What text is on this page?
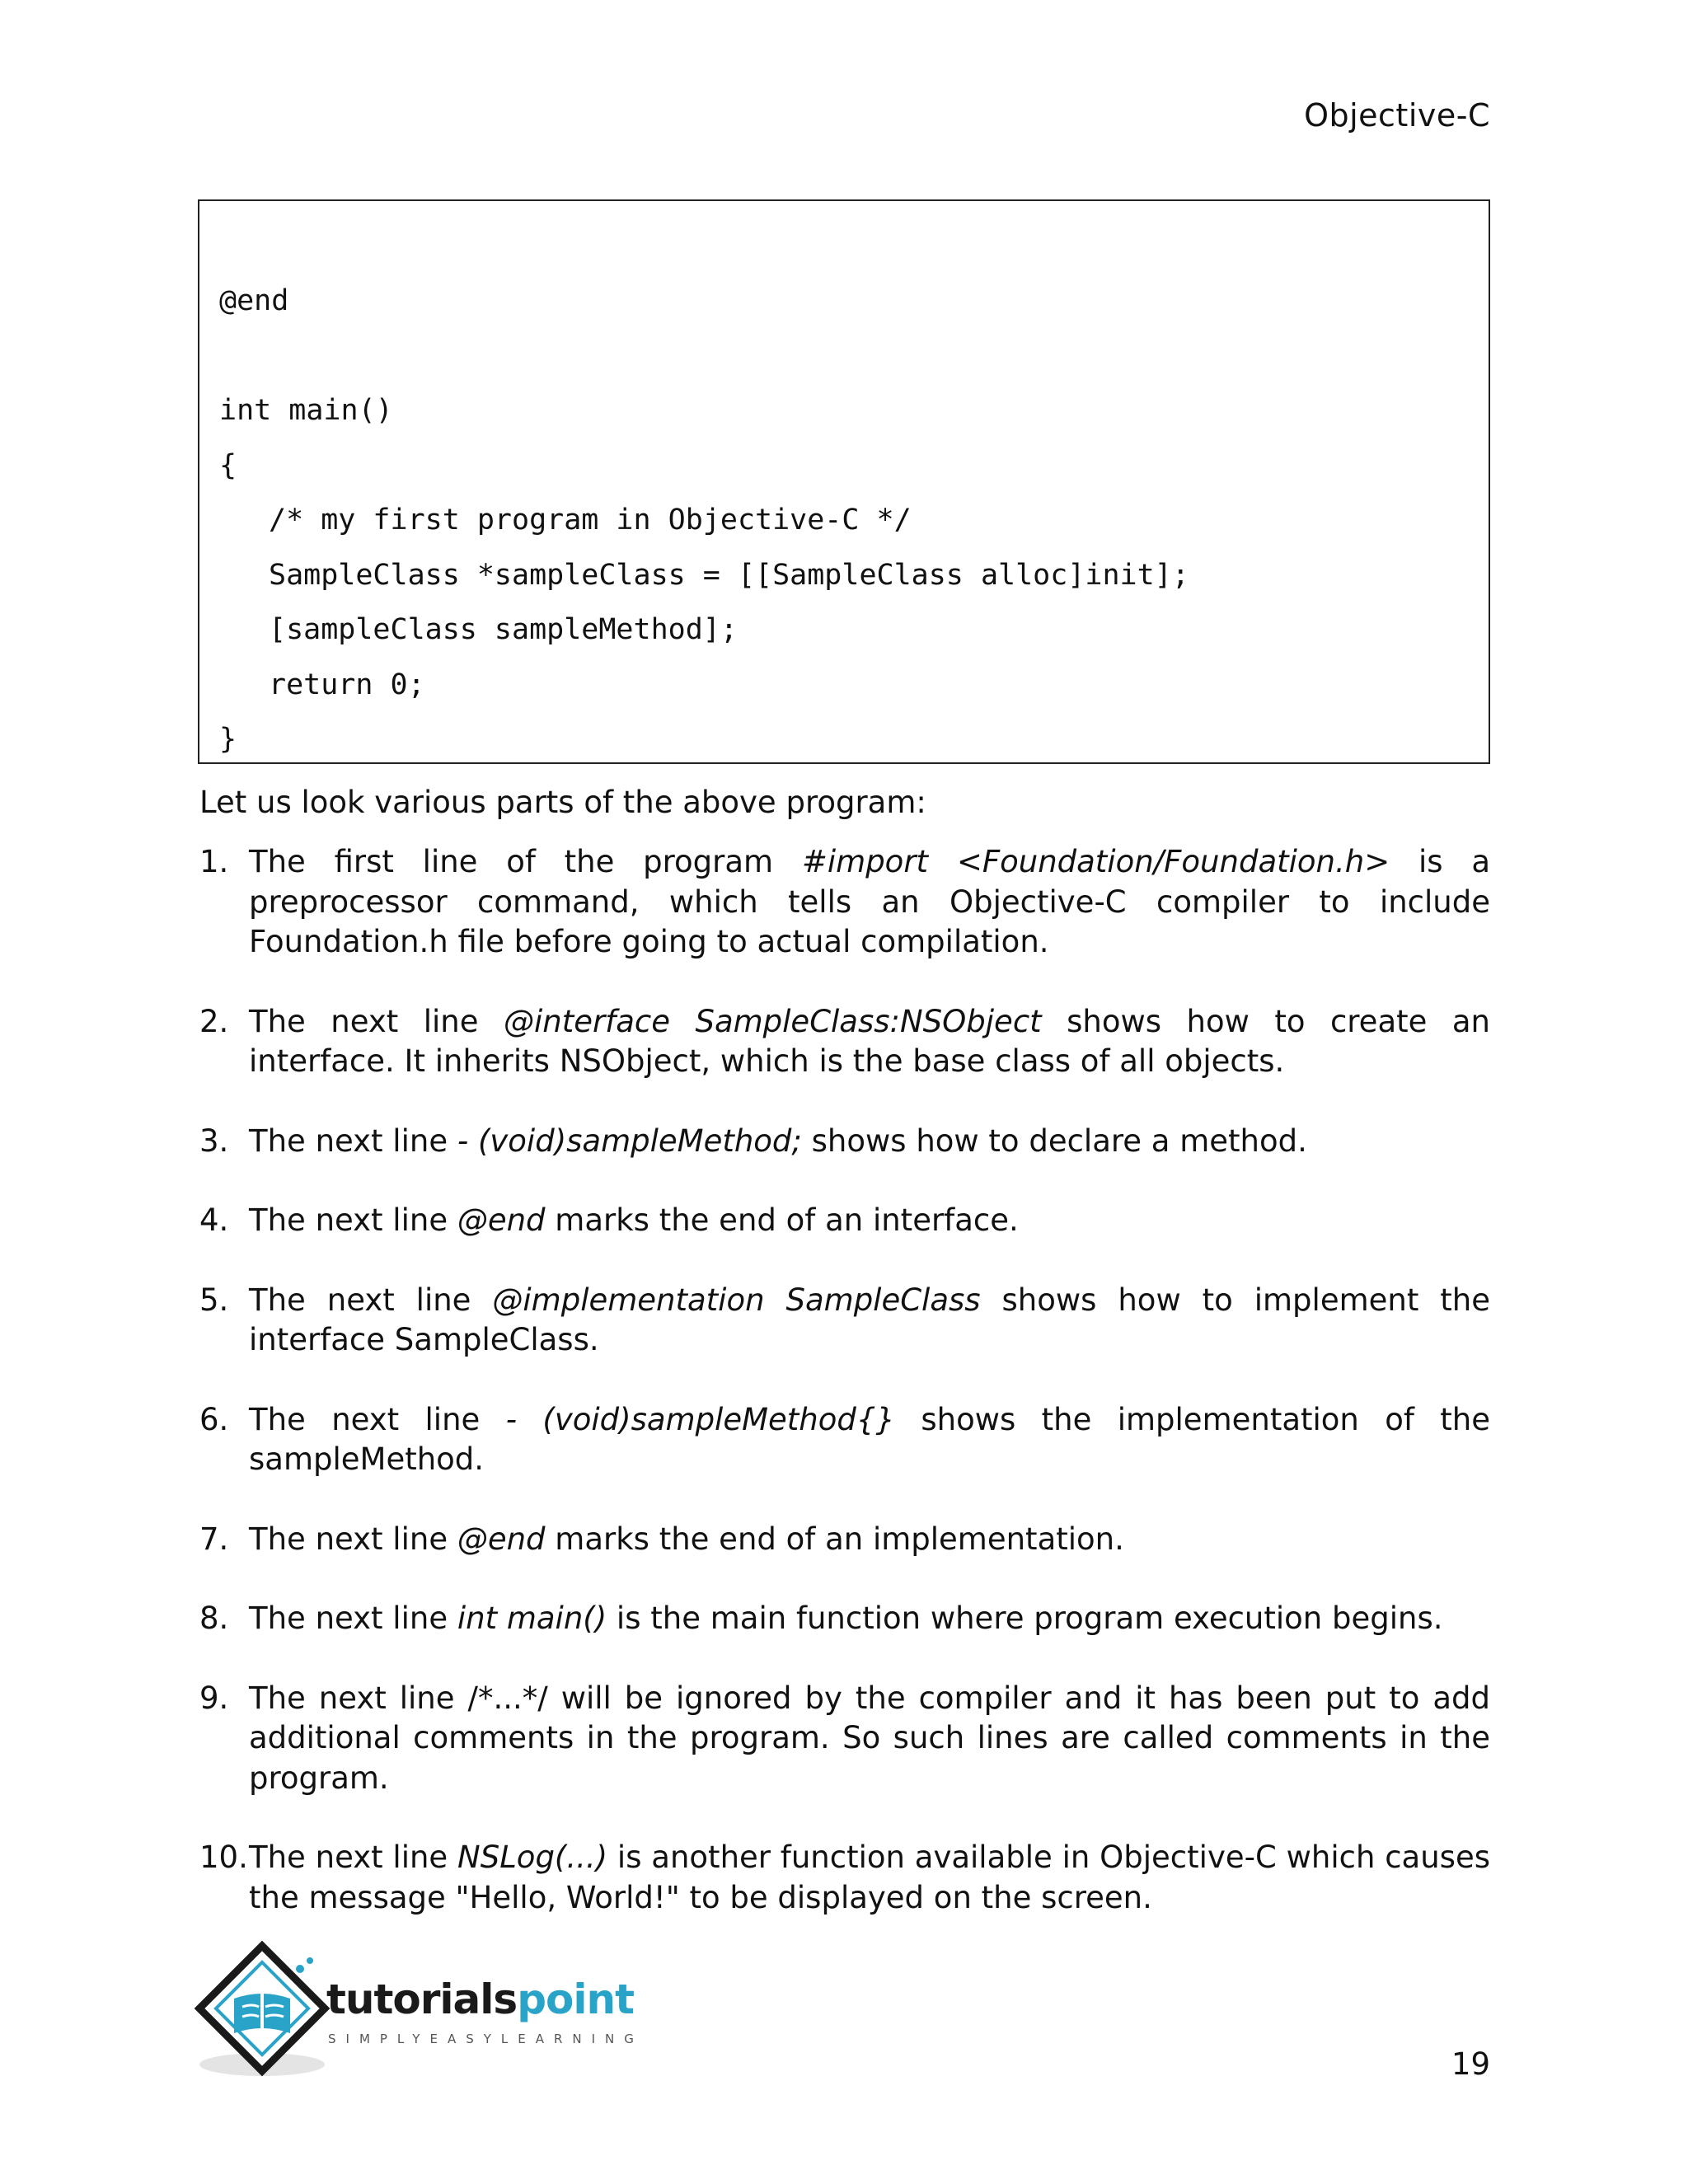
Objective-C
@end
int main()
{
/* my first program in Objective-C */
SampleClass *sampleClass = [[SampleClass alloc]init];
[sampleClass sampleMethod];
return 0;
}
Let us look various parts of the above program:
1. The first line of the program #import <Foundation/Foundation.h> is a preprocessor command, which tells an Objective-C compiler to include Foundation.h file before going to actual compilation.
2. The next line @interface SampleClass:NSObject shows how to create an interface. It inherits NSObject, which is the base class of all objects.
3. The next line - (void)sampleMethod; shows how to declare a method.
4. The next line @end marks the end of an interface.
5. The next line @implementation SampleClass shows how to implement the interface SampleClass.
6. The next line - (void)sampleMethod{} shows the implementation of the sampleMethod.
7. The next line @end marks the end of an implementation.
8. The next line int main() is the main function where program execution begins.
9. The next line /*...*/ will be ignored by the compiler and it has been put to add additional comments in the program. So such lines are called comments in the program.
10. The next line NSLog(...) is another function available in Objective-C which causes the message "Hello, World!" to be displayed on the screen.
tutorialspoint
SIMPLYEASYLEARNING
19
